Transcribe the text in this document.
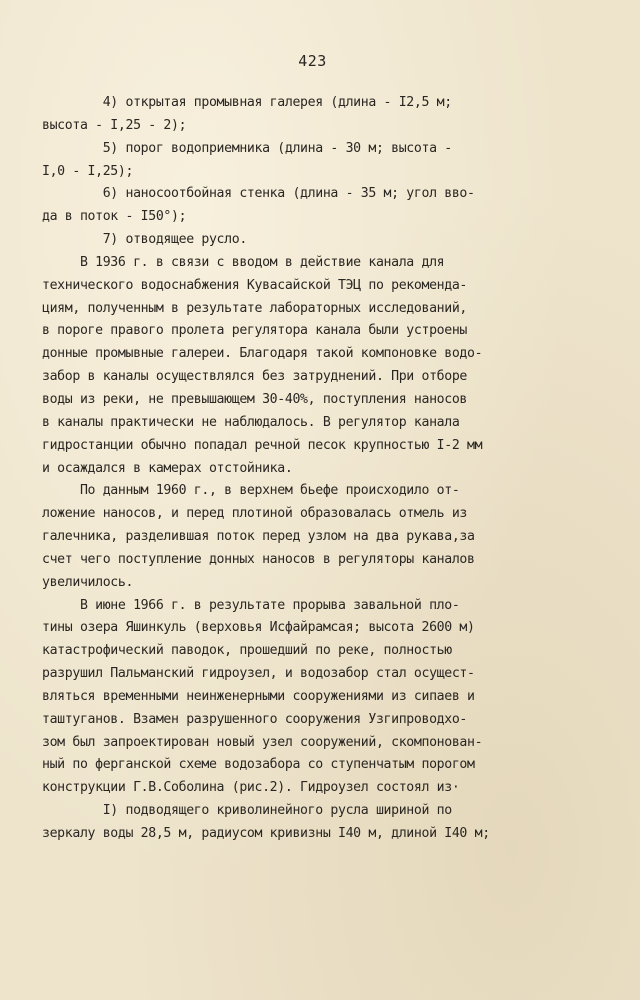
423
4) открытая промывная галерея (длина - I2,5 м;
высота - I,25 - 2);
5) порог водоприемника (длина - 30 м; высота -
I,0 - I,25);
6) наносоотбойная стенка (длина - 35 м; угол вво-
да в поток - I50°);
7) отводящее русло.
В 1936 г. в связи с вводом в действие канала для
технического водоснабжения Кувасайской ТЭЦ по рекоменда-
циям, полученным в результате лабораторных исследований,
в пороге правого пролета регулятора канала были устроены
донные промывные галереи. Благодаря такой компоновке водо-
забор в каналы осуществлялся без затруднений. При отборе
воды из реки, не превышающем 30-40%, поступления наносов
в каналы практически не наблюдалось. В регулятор канала
гидростанции обычно попадал речной песок крупностью I-2 мм
и осаждался в камерах отстойника.
По данным 1960 г., в верхнем бьефе происходило от-
ложение наносов, и перед плотиной образовалась отмель из
галечника, разделившая поток перед узлом на два рукава,за
счет чего поступление донных наносов в регуляторы каналов
увеличилось.
В июне 1966 г. в результате прорыва завальной пло-
тины озера Яшинкуль (верховья Исфайрамсая; высота 2600 м)
катастрофический паводок, прошедший по реке, полностью
разрушил Пальманский гидроузел, и водозабор стал осущест-
вляться временными неинженерными сооружениями из сипаев и
таштуганов. Взамен разрушенного сооружения Узгипроводхо-
зом был запроектирован новый узел сооружений, скомпонован-
ный по ферганской схеме водозабора со ступенчатым порогом
конструкции Г.В.Соболина (рис.2). Гидроузел состоял из·
I) подводящего криволинейного русла шириной по
зеркалу воды 28,5 м, радиусом кривизны I40 м, длиной I40 м;
